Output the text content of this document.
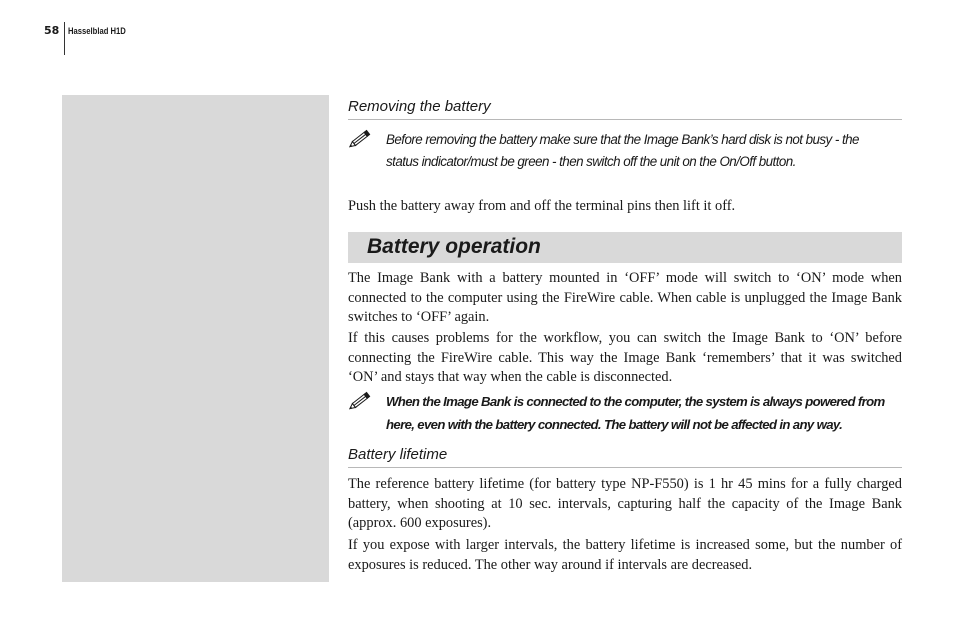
58 Hasselblad H1D
Removing the battery
Before removing the battery make sure that the Image Bank’s hard disk is not busy - the
status indicator/must be green - then switch off the unit on the On/Off button.
Push the battery away from and off the terminal pins then lift it off.
Battery operation
The Image Bank with a battery mounted in ‘OFF’ mode will switch to ‘ON’ mode when connected to the computer using the FireWire cable. When cable is unplugged the Image Bank switches to ‘OFF’ again.
If this causes problems for the workflow, you can switch the Image Bank to ‘ON’ before connecting the FireWire cable. This way the Image Bank ‘remembers’ that it was switched ‘ON’ and stays that way when the cable is disconnected.
When the Image Bank is connected to the computer, the system is always powered from
here, even with the battery connected. The battery will not be affected in any way.
Battery lifetime
The reference battery lifetime (for battery type NP-F550) is 1 hr 45 mins for a fully charged battery, when shooting at 10 sec. intervals, capturing half the capacity of the Image Bank (approx. 600 exposures).
If you expose with larger intervals, the battery lifetime is increased some, but the number of exposures is reduced. The other way around if intervals are decreased.
